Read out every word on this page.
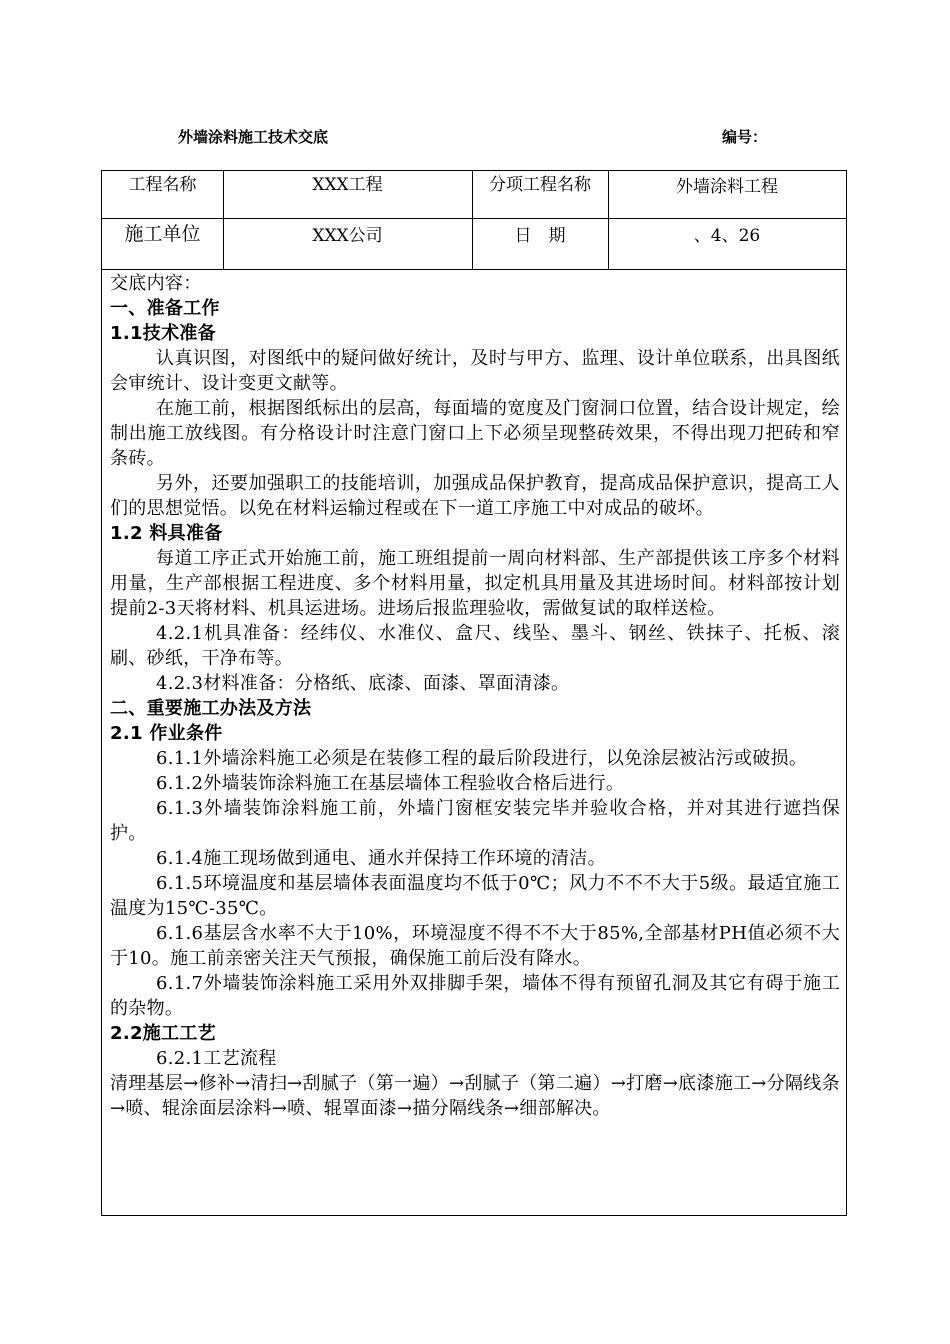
外墙涂料施工技术交底	编号：
工程名称	XXX工程	分项工程名称	外墙涂料工程
施工单位	XXX公司	日　期	、4、26

交底内容：

一、准备工作

1.1技术准备

认真识图，对图纸中的疑问做好统计，及时与甲方、监理、设计单位联系，出具图纸会审统计、设计变更文献等。

在施工前，根据图纸标出的层高，每面墙的宽度及门窗洞口位置，结合设计规定，绘制出施工放线图。有分格设计时注意门窗口上下必须呈现整砖效果，不得出现刀把砖和窄条砖。

另外，还要加强职工的技能培训，加强成品保护教育，提高成品保护意识，提高工人们的思想觉悟。以免在材料运输过程或在下一道工序施工中对成品的破坏。

1.2 料具准备

每道工序正式开始施工前，施工班组提前一周向材料部、生产部提供该工序多个材料用量，生产部根据工程进度、多个材料用量，拟定机具用量及其进场时间。材料部按计划提前2-3天将材料、机具运进场。进场后报监理验收，需做复试的取样送检。

4.2.1机具准备：经纬仪、水准仪、盒尺、线坠、墨斗、钢丝、铁抹子、托板、滚刷、砂纸，干净布等。

4.2.3材料准备：分格纸、底漆、面漆、罩面清漆。

二、重要施工办法及方法

2.1 作业条件

6.1.1外墙涂料施工必须是在装修工程的最后阶段进行，以免涂层被沾污或破损。

6.1.2外墙装饰涂料施工在基层墙体工程验收合格后进行。

6.1.3外墙装饰涂料施工前，外墙门窗框安装完毕并验收合格，并对其进行遮挡保护。

6.1.4施工现场做到通电、通水并保持工作环境的清洁。

6.1.5环境温度和基层墙体表面温度均不低于0℃；风力不不不大于5级。最适宜施工温度为15℃-35℃。

6.1.6基层含水率不大于10%，环境湿度不得不不大于85%,全部基材PH值必须不大于10。施工前亲密关注天气预报，确保施工前后没有降水。

6.1.7外墙装饰涂料施工采用外双排脚手架，墙体不得有预留孔洞及其它有碍于施工的杂物。

2.2施工工艺

6.2.1工艺流程

清理基层→修补→清扫→刮腻子（第一遍）→刮腻子（第二遍）→打磨→底漆施工→分隔线条→喷、辊涂面层涂料→喷、辊罩面漆→描分隔线条→细部解决。
